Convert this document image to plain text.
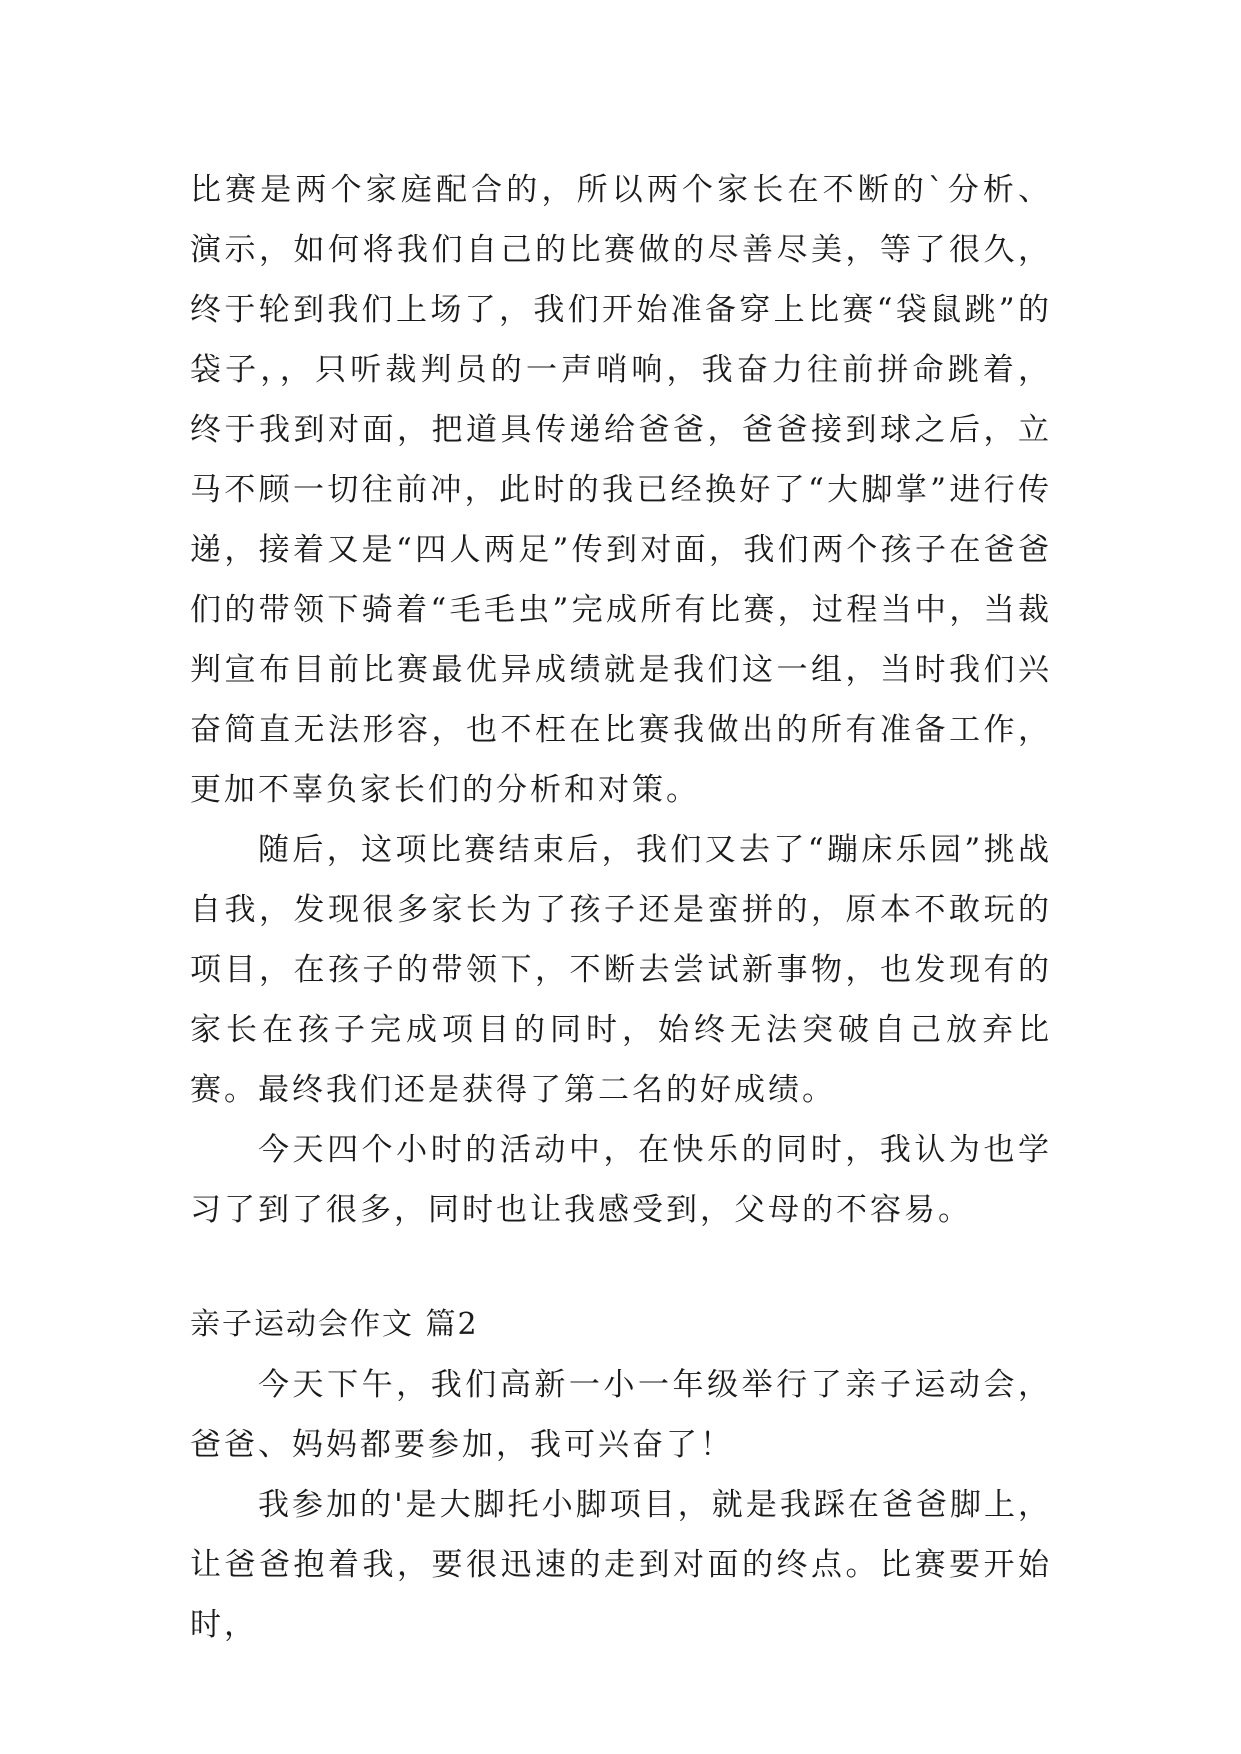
比赛是两个家庭配合的，所以两个家长在不断的`分析、演示，如何将我们自己的比赛做的尽善尽美，等了很久，终于轮到我们上场了，我们开始准备穿上比赛“袋鼠跳”的袋子，，只听裁判员的一声哨响，我奋力往前拼命跳着，终于我到对面，把道具传递给爸爸，爸爸接到球之后，立马不顾一切往前冲，此时的我已经换好了“大脚掌”进行传递，接着又是“四人两足”传到对面，我们两个孩子在爸爸们的带领下骑着“毛毛虫”完成所有比赛，过程当中，当裁判宣布目前比赛最优异成绩就是我们这一组，当时我们兴奋简直无法形容，也不枉在比赛我做出的所有准备工作，更加不辜负家长们的分析和对策。

随后，这项比赛结束后，我们又去了“蹦床乐园”挑战自我，发现很多家长为了孩子还是蛮拼的，原本不敢玩的项目，在孩子的带领下，不断去尝试新事物，也发现有的家长在孩子完成项目的同时，始终无法突破自己放弃比赛。最终我们还是获得了第二名的好成绩。

今天四个小时的活动中，在快乐的同时，我认为也学习了到了很多，同时也让我感受到，父母的不容易。

亲子运动会作文 篇2

今天下午，我们高新一小一年级举行了亲子运动会，爸爸、妈妈都要参加，我可兴奋了！

我参加的'是大脚托小脚项目，就是我踩在爸爸脚上，让爸爸抱着我，要很迅速的走到对面的终点。比赛要开始时，
